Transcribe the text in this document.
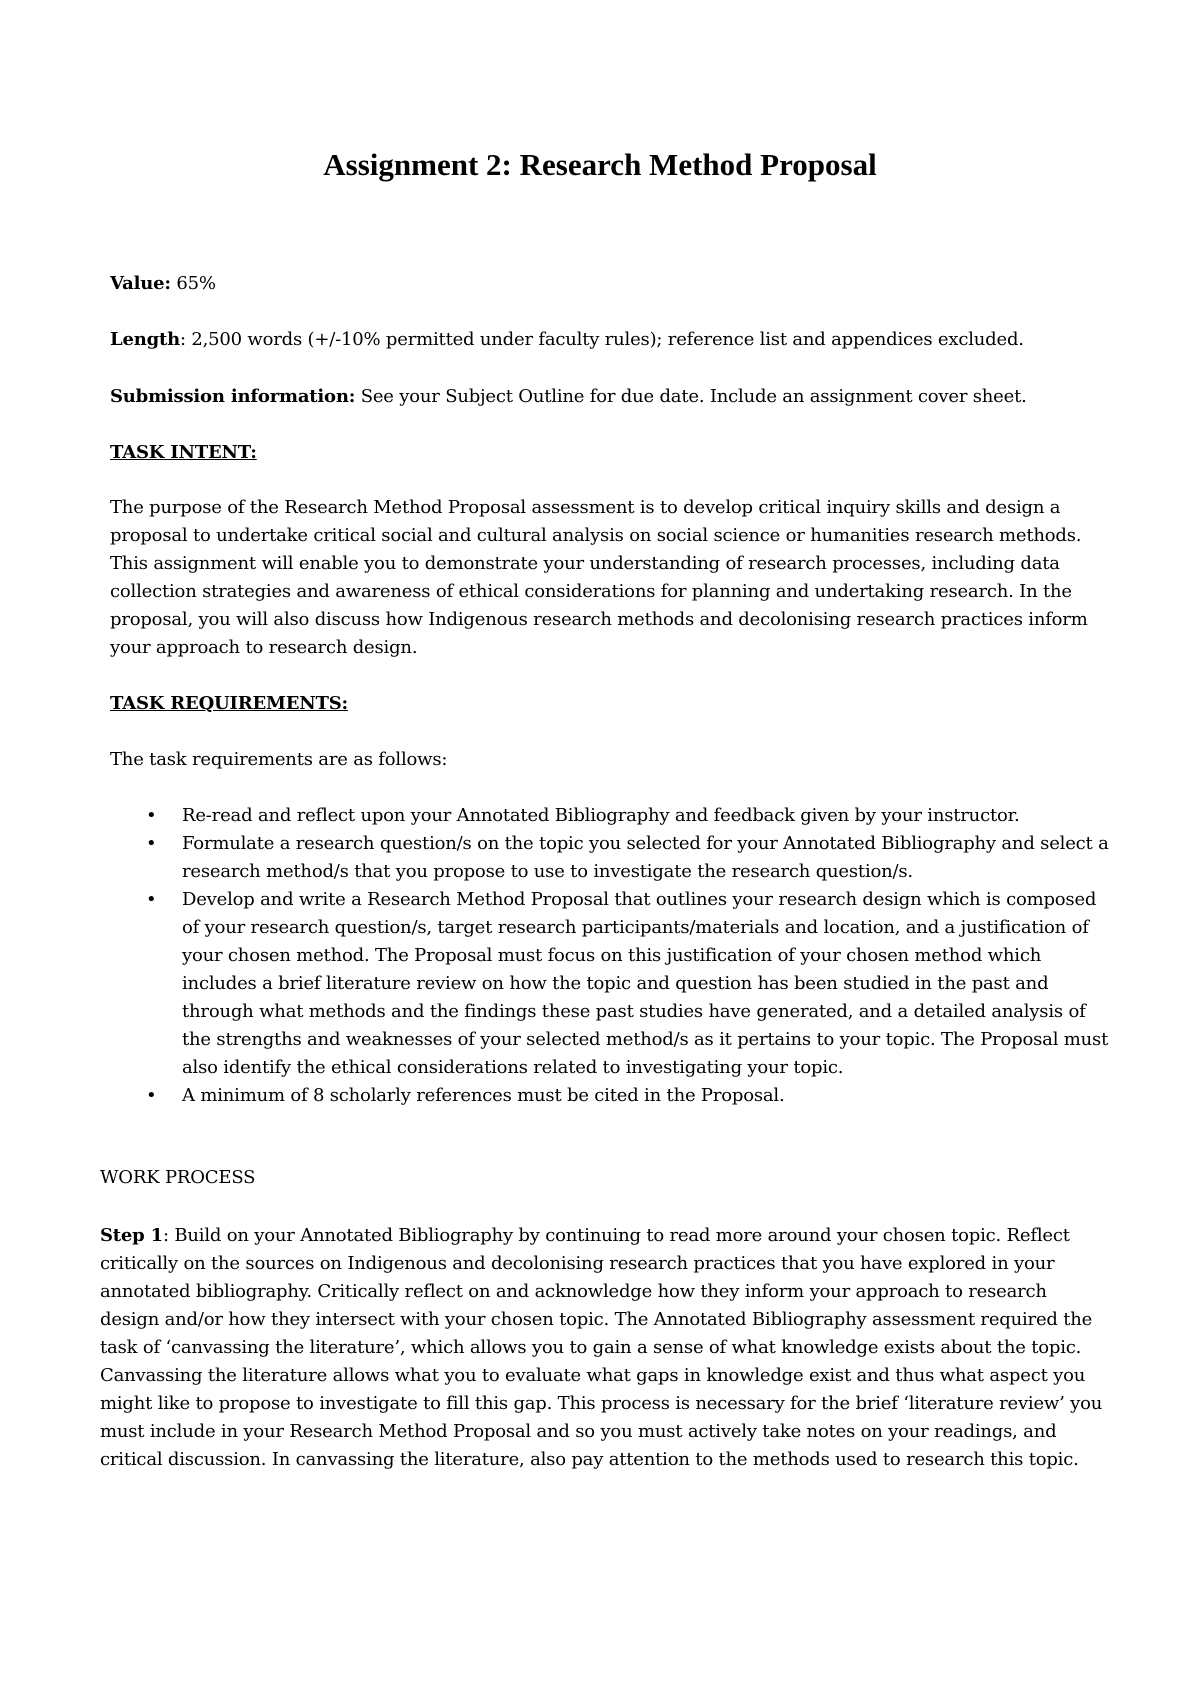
Assignment 2: Research Method Proposal

Value: 65%

Length: 2,500 words (+/-10% permitted under faculty rules); reference list and appendices excluded.

Submission information: See your Subject Outline for due date. Include an assignment cover sheet.

TASK INTENT:

The purpose of the Research Method Proposal assessment is to develop critical inquiry skills and design a proposal to undertake critical social and cultural analysis on social science or humanities research methods. This assignment will enable you to demonstrate your understanding of research processes, including data collection strategies and awareness of ethical considerations for planning and undertaking research. In the proposal, you will also discuss how Indigenous research methods and decolonising research practices inform your approach to research design.

TASK REQUIREMENTS:

The task requirements are as follows:

• Re-read and reflect upon your Annotated Bibliography and feedback given by your instructor.
• Formulate a research question/s on the topic you selected for your Annotated Bibliography and select a research method/s that you propose to use to investigate the research question/s.
• Develop and write a Research Method Proposal that outlines your research design which is composed of your research question/s, target research participants/materials and location, and a justification of your chosen method. The Proposal must focus on this justification of your chosen method which includes a brief literature review on how the topic and question has been studied in the past and through what methods and the findings these past studies have generated, and a detailed analysis of the strengths and weaknesses of your selected method/s as it pertains to your topic. The Proposal must also identify the ethical considerations related to investigating your topic.
• A minimum of 8 scholarly references must be cited in the Proposal.

WORK PROCESS

Step 1: Build on your Annotated Bibliography by continuing to read more around your chosen topic. Reflect critically on the sources on Indigenous and decolonising research practices that you have explored in your annotated bibliography. Critically reflect on and acknowledge how they inform your approach to research design and/or how they intersect with your chosen topic. The Annotated Bibliography assessment required the task of ‘canvassing the literature’, which allows you to gain a sense of what knowledge exists about the topic. Canvassing the literature allows what you to evaluate what gaps in knowledge exist and thus what aspect you might like to propose to investigate to fill this gap. This process is necessary for the brief ‘literature review’ you must include in your Research Method Proposal and so you must actively take notes on your readings, and critical discussion. In canvassing the literature, also pay attention to the methods used to research this topic.
